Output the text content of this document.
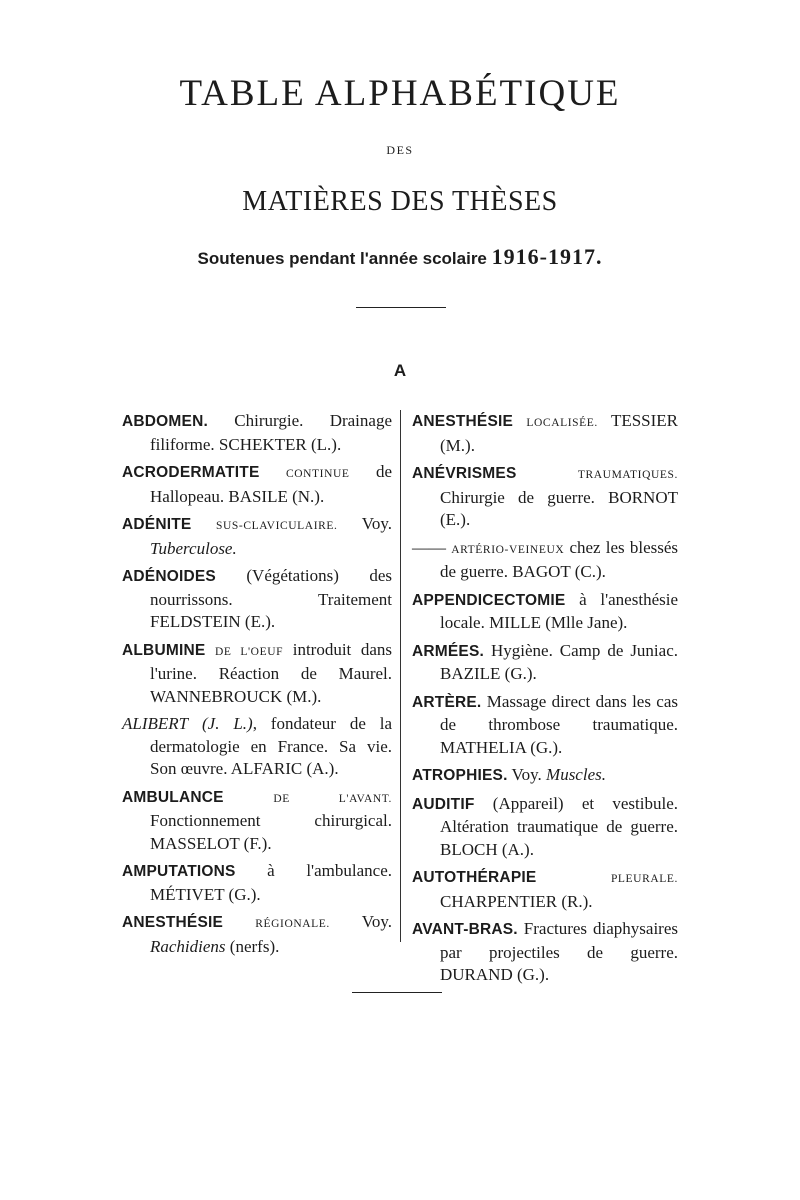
TABLE ALPHABÉTIQUE
DES
MATIÈRES DES THÈSES
Soutenues pendant l'année scolaire 1916-1917.
A
ABDOMEN. Chirurgie. Drainage filiforme. SCHEKTER (L.).
ACRODERMATITE CONTINUE de Hallopeau. BASILE (N.).
ADÉNITE SUS-CLAVICULAIRE. Voy. Tuberculose.
ADÉNOIDES (Végétations) des nourrissons. Traitement FELDSTEIN (E.).
ALBUMINE DE L'OEUF introduit dans l'urine. Réaction de Maurel. WANNEBROUCK (M.).
ALIBERT (J. L.), fondateur de la dermatologie en France. Sa vie. Son œuvre. ALFARIC (A.).
AMBULANCE	DE L'AVANT. Fonctionnement chirurgical. MASSELOT (F.).
AMPUTATIONS à l'ambulance. MÉTIVET (G.).
ANESTHÉSIE	RÉGIONALE. Voy. Rachidiens (nerfs).
ANESTHÉSIE LOCALISÉE. TESSIER (M.).
ANÉVRISMES	TRAUMATIQUES. Chirurgie de guerre. BORNOT (E.).
—— ARTÉRIO-VEINEUX chez les blessés de guerre. BAGOT (C.).
APPENDICECTOMIE à l'anesthésie locale. MILLE (Mlle Jane).
ARMÉES. Hygiène. Camp de Juniac. BAZILE (G.).
ARTÈRE. Massage direct dans les cas de thrombose traumatique. MATHELIA (G.).
ATROPHIES. Voy. Muscles.
AUDITIF (Appareil) et vestibule. Altération traumatique de guerre. BLOCH (A.).
AUTOTHÉRAPIE	PLEURALE. CHARPENTIER (R.).
AVANT-BRAS. Fractures diaphysaires par projectiles de guerre. DURAND (G.).
